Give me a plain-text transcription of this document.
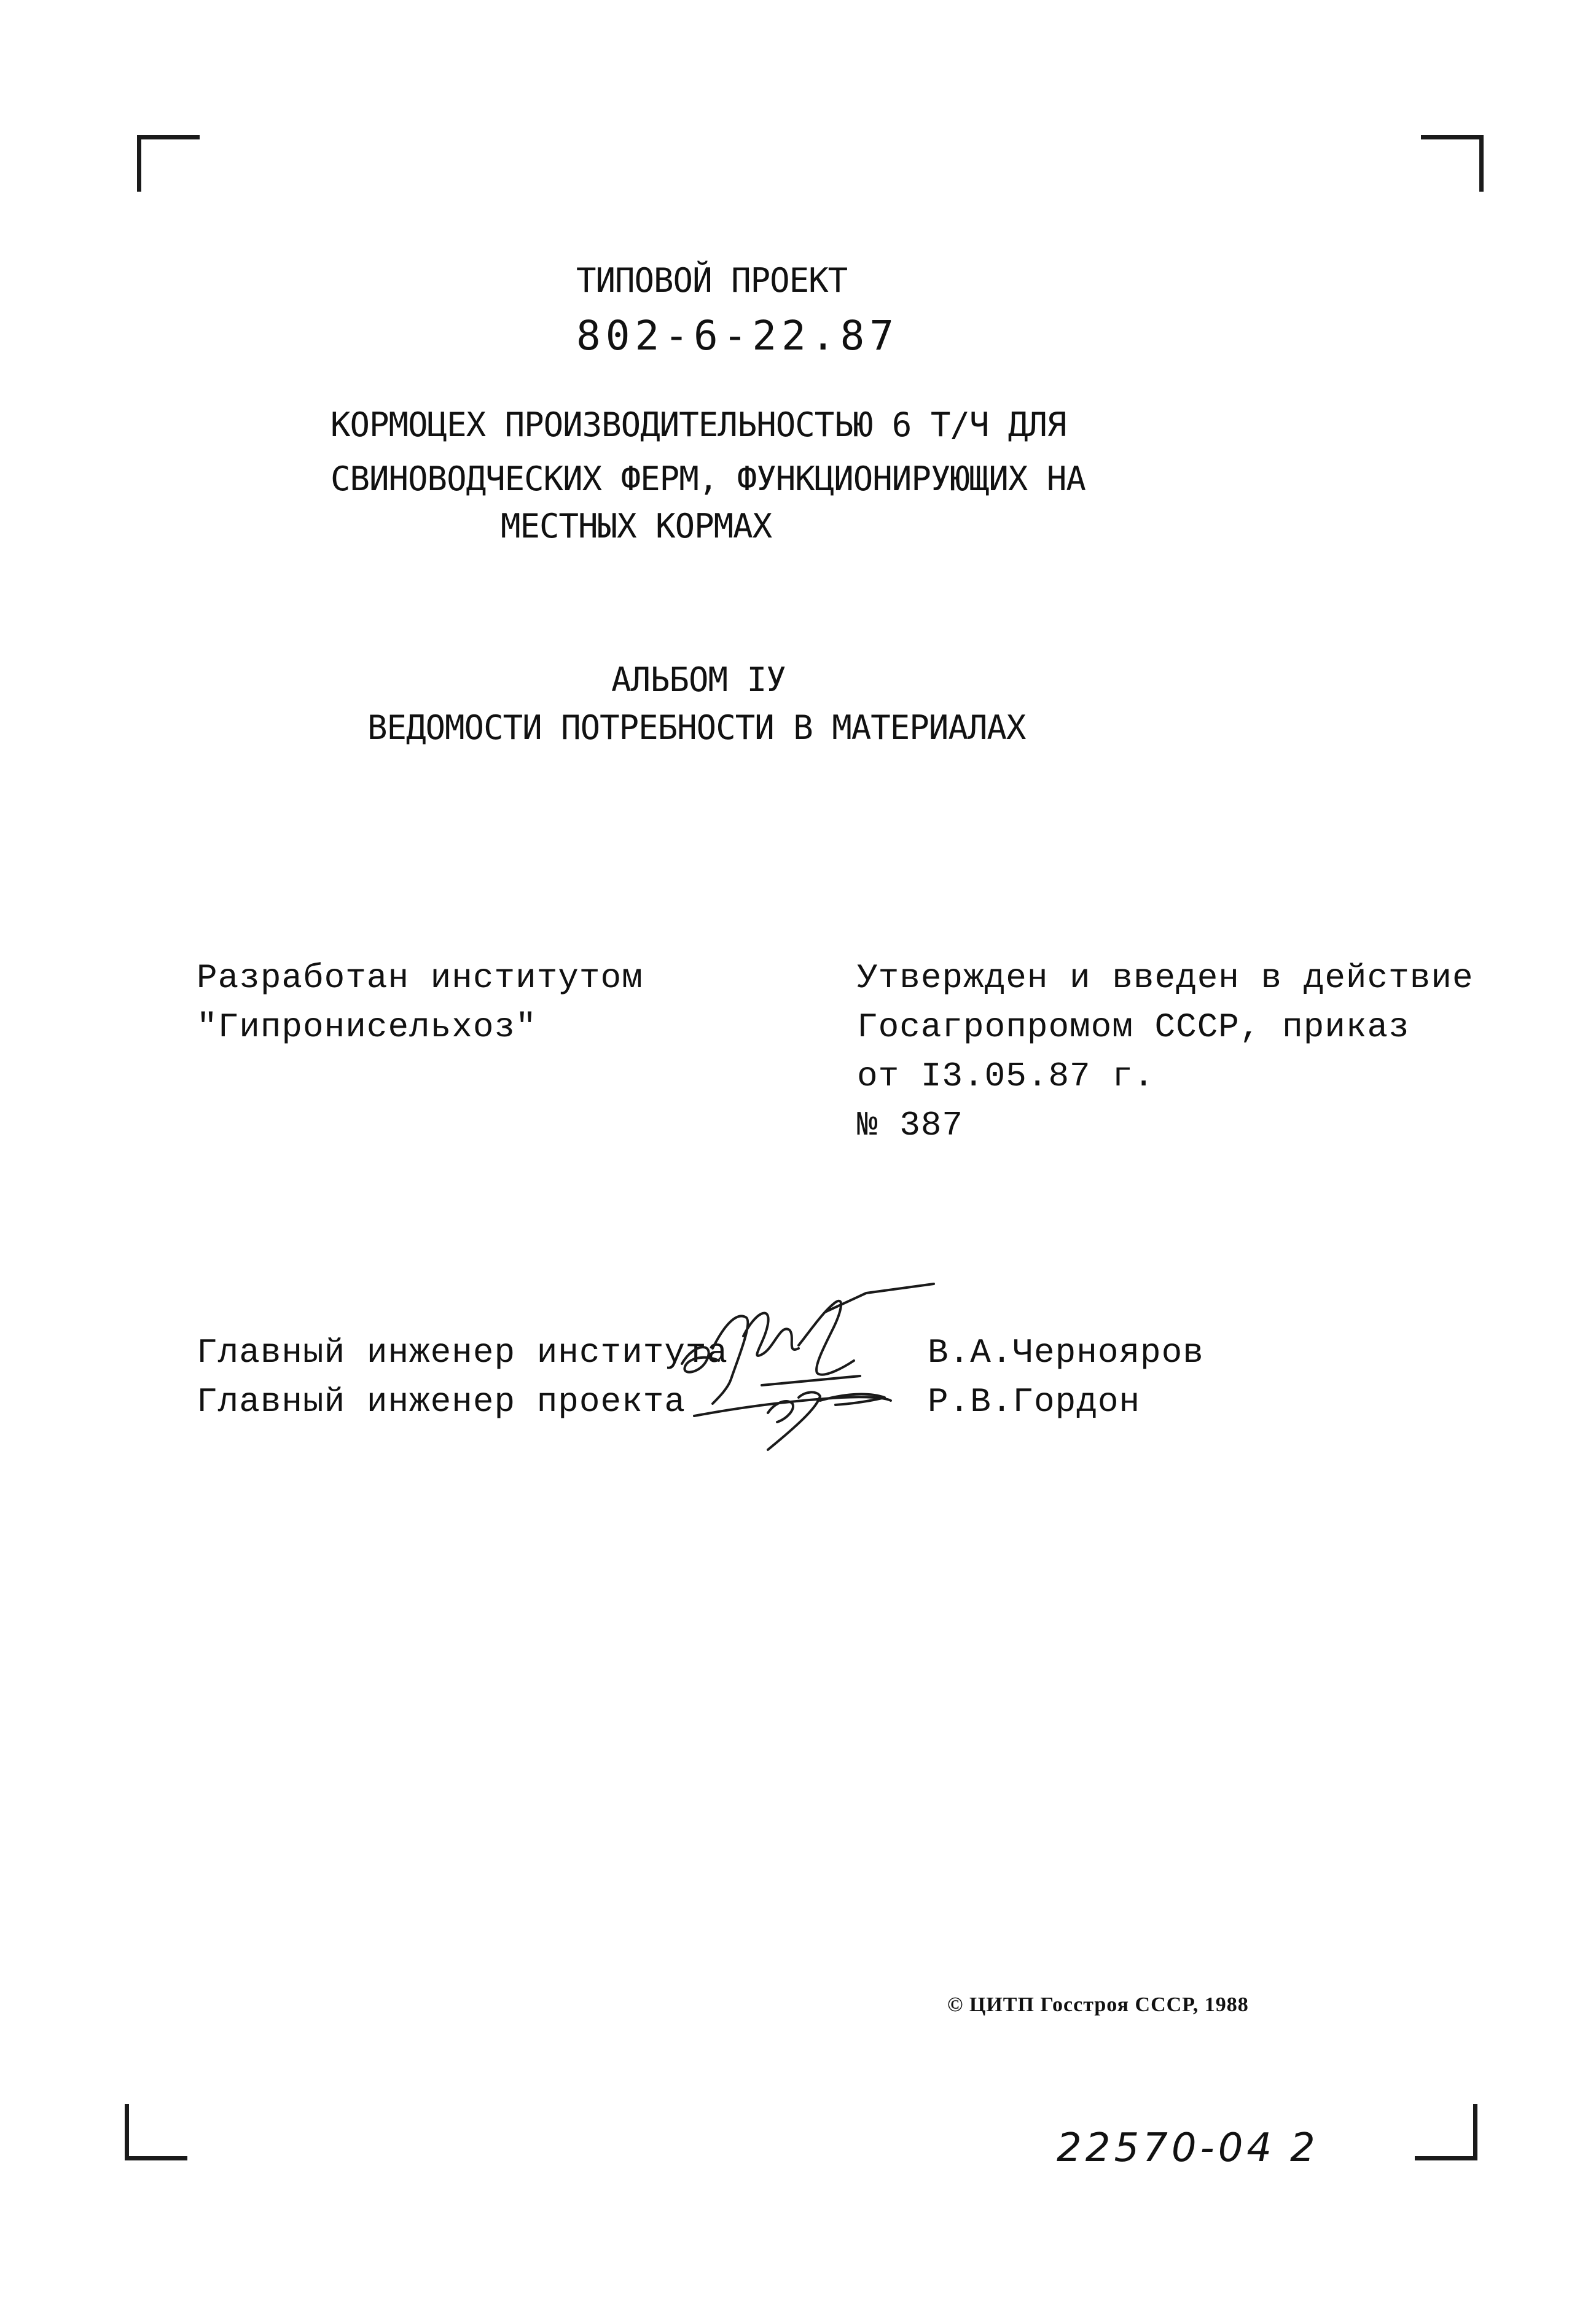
ТИПОВОЙ ПРОЕКТ
802-6-22.87
КОРМОЦЕХ ПРОИЗВОДИТЕЛЬНОСТЬЮ 6 Т/Ч ДЛЯ
СВИНОВОДЧЕСКИХ ФЕРМ, ФУНКЦИОНИРУЮЩИХ НА
МЕСТНЫХ КОРМАХ
АЛЬБОМ IУ
ВЕДОМОСТИ ПОТРЕБНОСТИ В МАТЕРИАЛАХ
Разработан институтом
"Гипронисельхоз"
Утвержден и введен в действие
Госагропромом СССР, приказ
от I3.05.87 г.
№ 387
Главный инженер института	В.А.Чернояров
Главный инженер проекта	Р.В.Гордон
© ЦИТП Госстроя СССР, 1988
22570-04 2
